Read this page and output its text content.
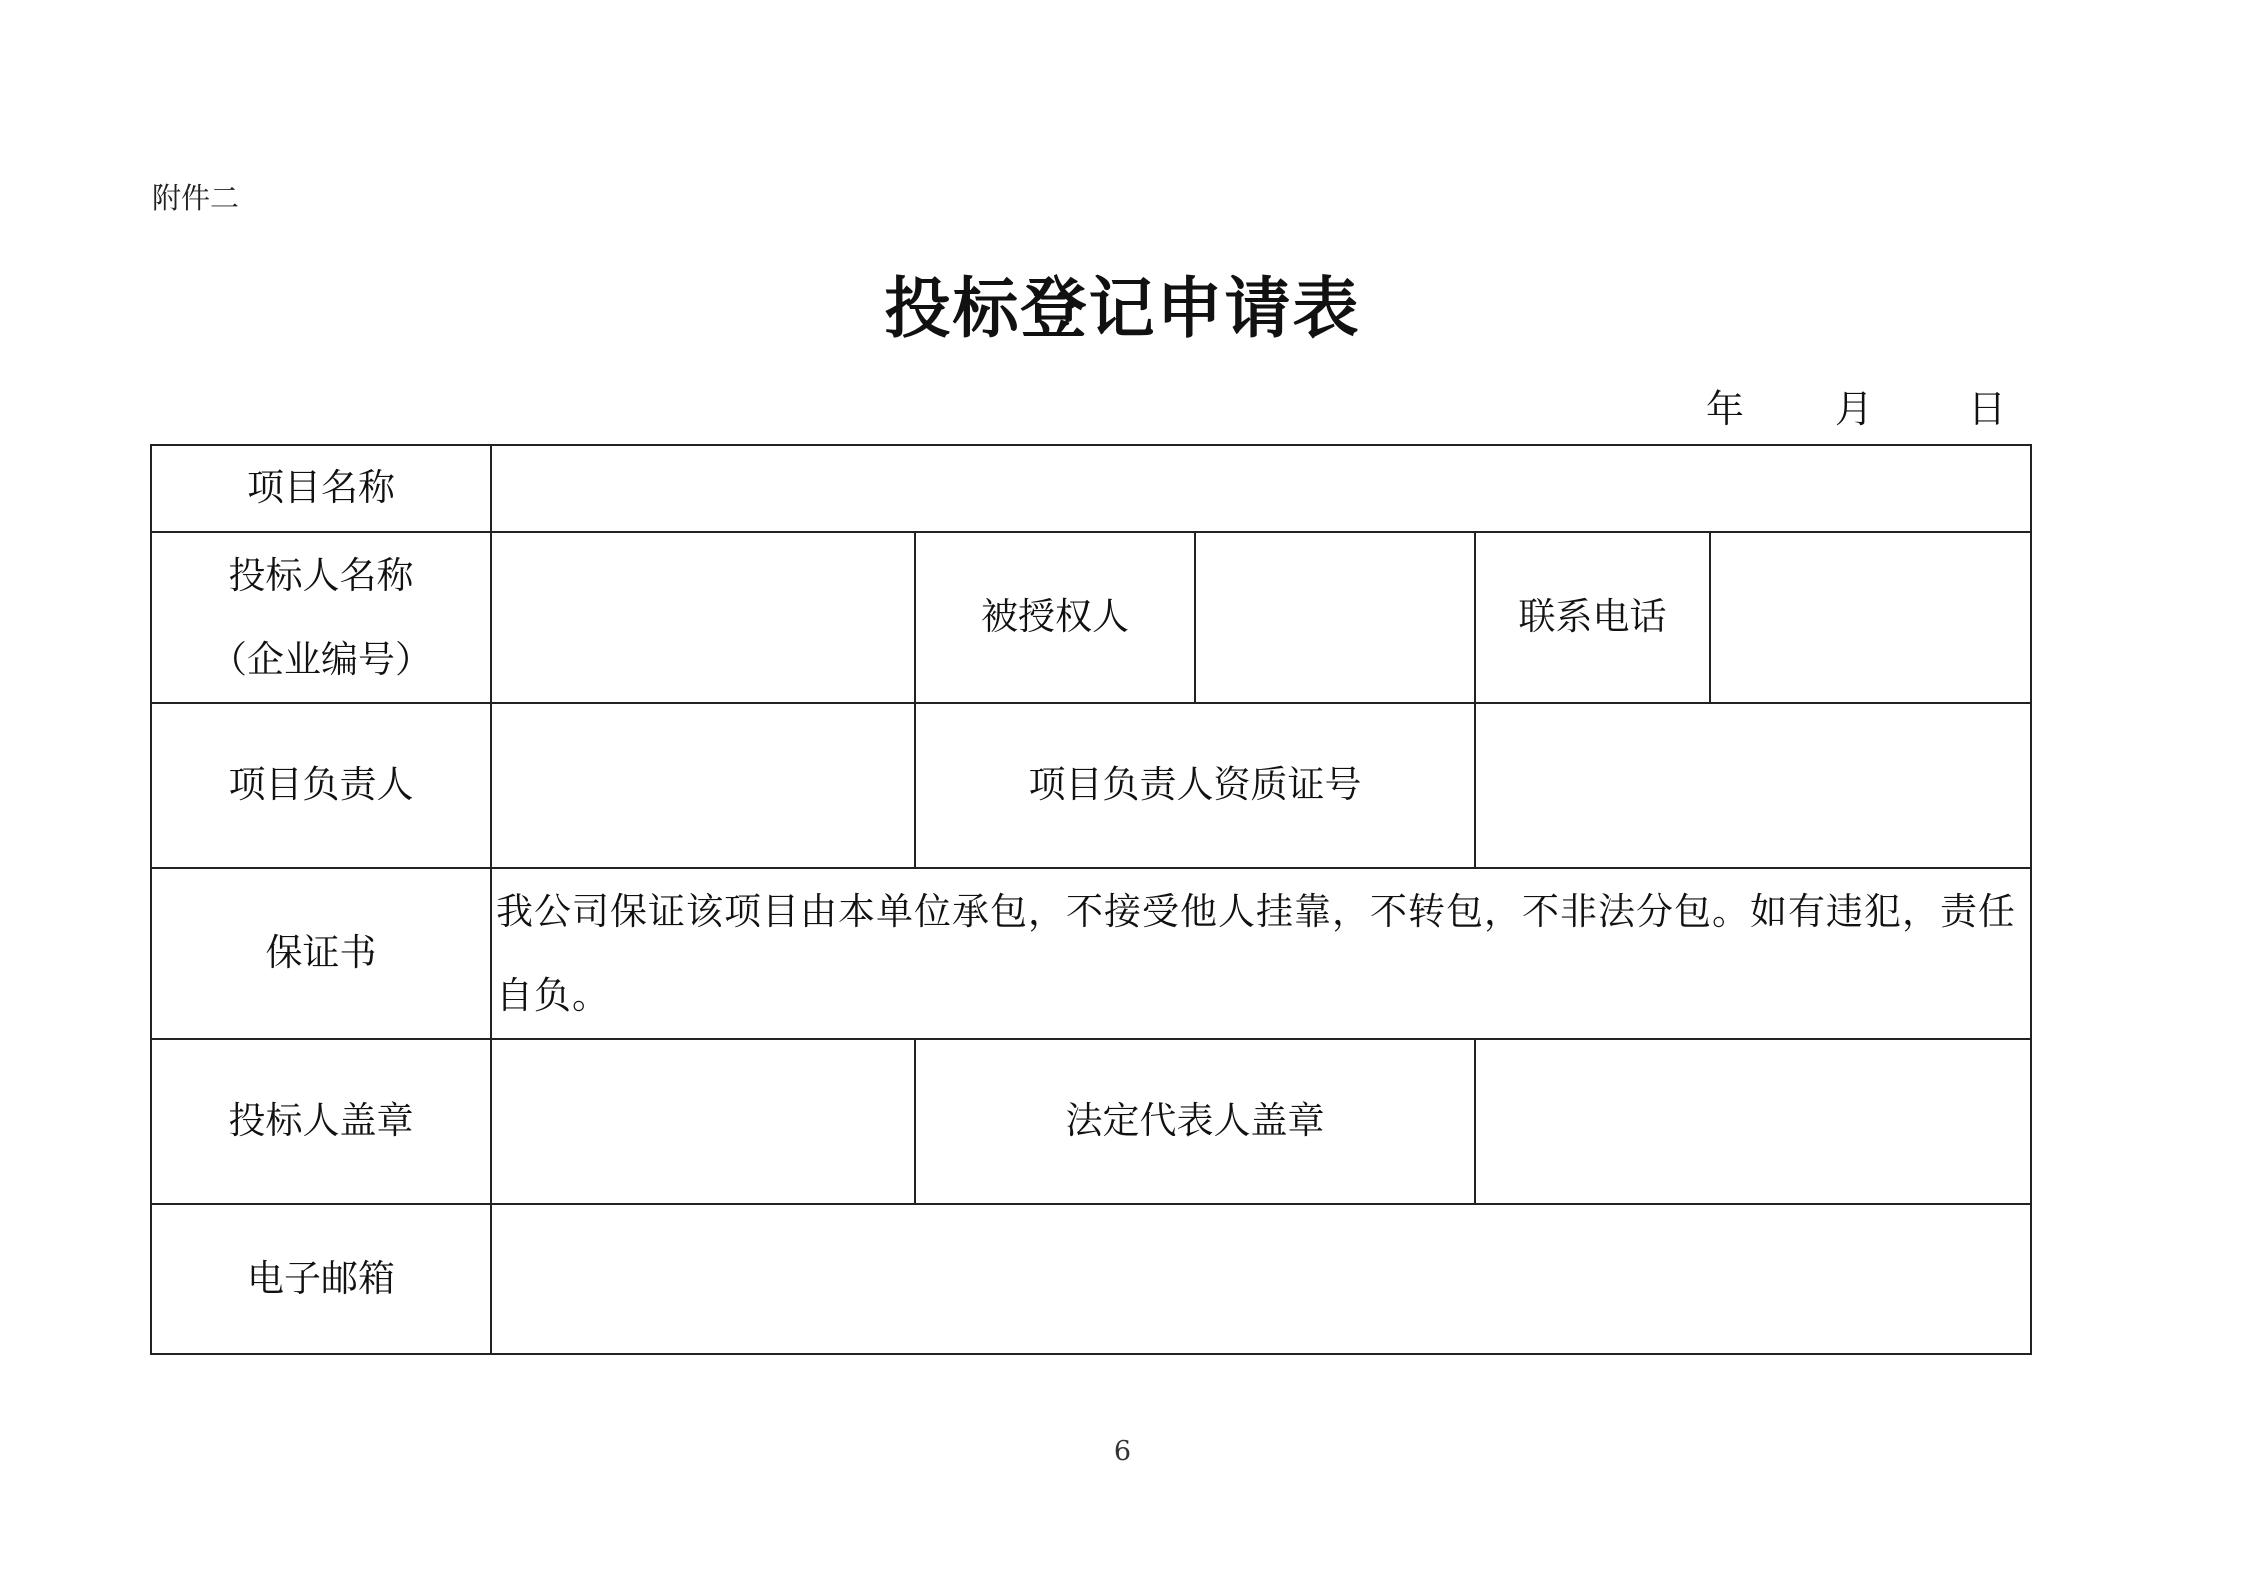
附件二
投标登记申请表
年 月 日
项目名称					

投标人名称
（企业编号）		被授权人		联系电话	
项目负责人		项目负责人资质证号			
保证书	我公司保证该项目由本单位承包，不接受他人挂靠，不转包，不非法分包。如有违犯，责任自负。				
投标人盖章		法定代表人盖章			
电子邮箱					
6
